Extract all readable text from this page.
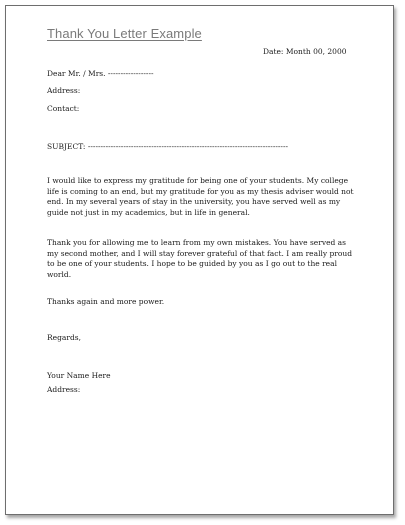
Thank You Letter Example
Date: Month 00, 2000
Dear Mr. / Mrs. ------------------
Address:
Contact:
SUBJECT: -------------------------------------------------------------------------------
I would like to express my gratitude for being one of your students. My college life is coming to an end, but my gratitude for you as my thesis adviser would not end. In my several years of stay in the university, you have served well as my guide not just in my academics, but in life in general.
Thank you for allowing me to learn from my own mistakes. You have served as my second mother, and I will stay forever grateful of that fact. I am really proud to be one of your students. I hope to be guided by you as I go out to the real world.
Thanks again and more power.
Regards,
Your Name Here
Address:
